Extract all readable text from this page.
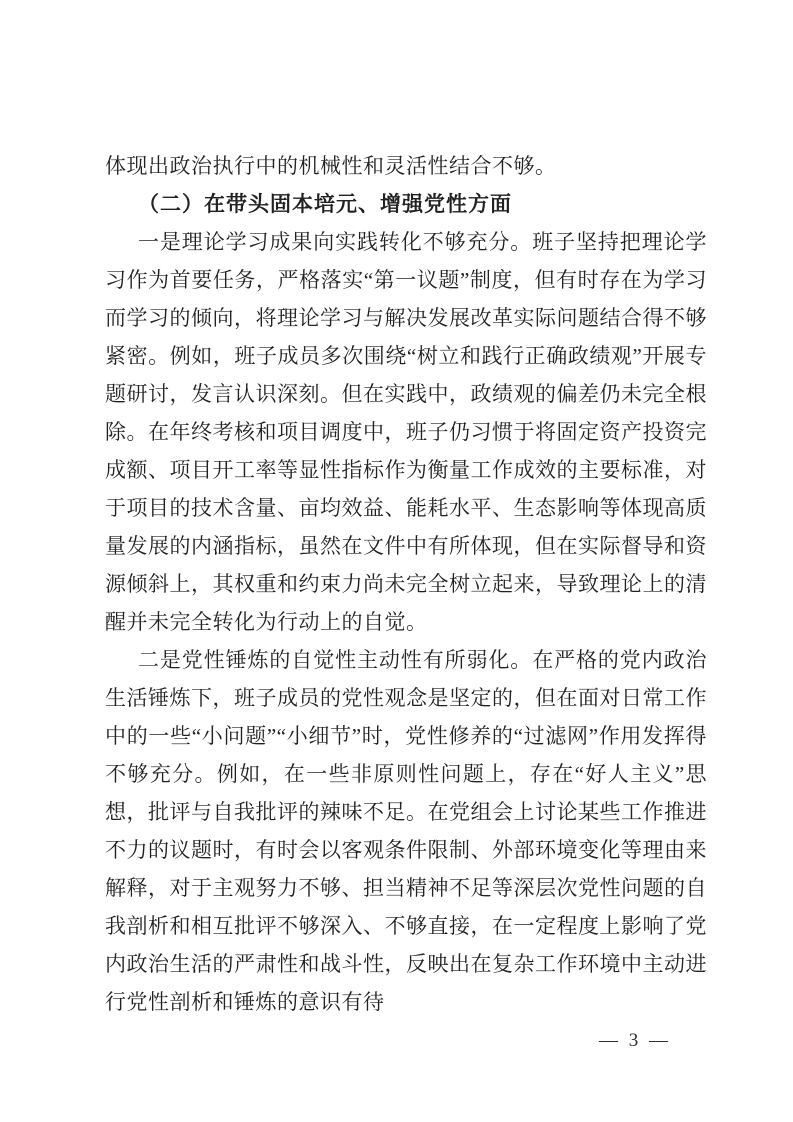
体现出政治执行中的机械性和灵活性结合不够。

（二）在带头固本培元、增强党性方面

一是理论学习成果向实践转化不够充分。班子坚持把理论学习作为首要任务，严格落实“第一议题”制度，但有时存在为学习而学习的倾向，将理论学习与解决发展改革实际问题结合得不够紧密。例如，班子成员多次围绕“树立和践行正确政绩观”开展专题研讨，发言认识深刻。但在实践中，政绩观的偏差仍未完全根除。在年终考核和项目调度中，班子仍习惯于将固定资产投资完成额、项目开工率等显性指标作为衡量工作成效的主要标准，对于项目的技术含量、亩均效益、能耗水平、生态影响等体现高质量发展的内涵指标，虽然在文件中有所体现，但在实际督导和资源倾斜上，其权重和约束力尚未完全树立起来，导致理论上的清醒并未完全转化为行动上的自觉。

二是党性锤炼的自觉性主动性有所弱化。在严格的党内政治生活锤炼下，班子成员的党性观念是坚定的，但在面对日常工作中的一些“小问题”“小细节”时，党性修养的“过滤网”作用发挥得不够充分。例如，在一些非原则性问题上，存在“好人主义”思想，批评与自我批评的辣味不足。在党组会上讨论某些工作推进不力的议题时，有时会以客观条件限制、外部环境变化等理由来解释，对于主观努力不够、担当精神不足等深层次党性问题的自我剖析和相互批评不够深入、不够直接，在一定程度上影响了党内政治生活的严肃性和战斗性，反映出在复杂工作环境中主动进行党性剖析和锤炼的意识有待

— 3 —
